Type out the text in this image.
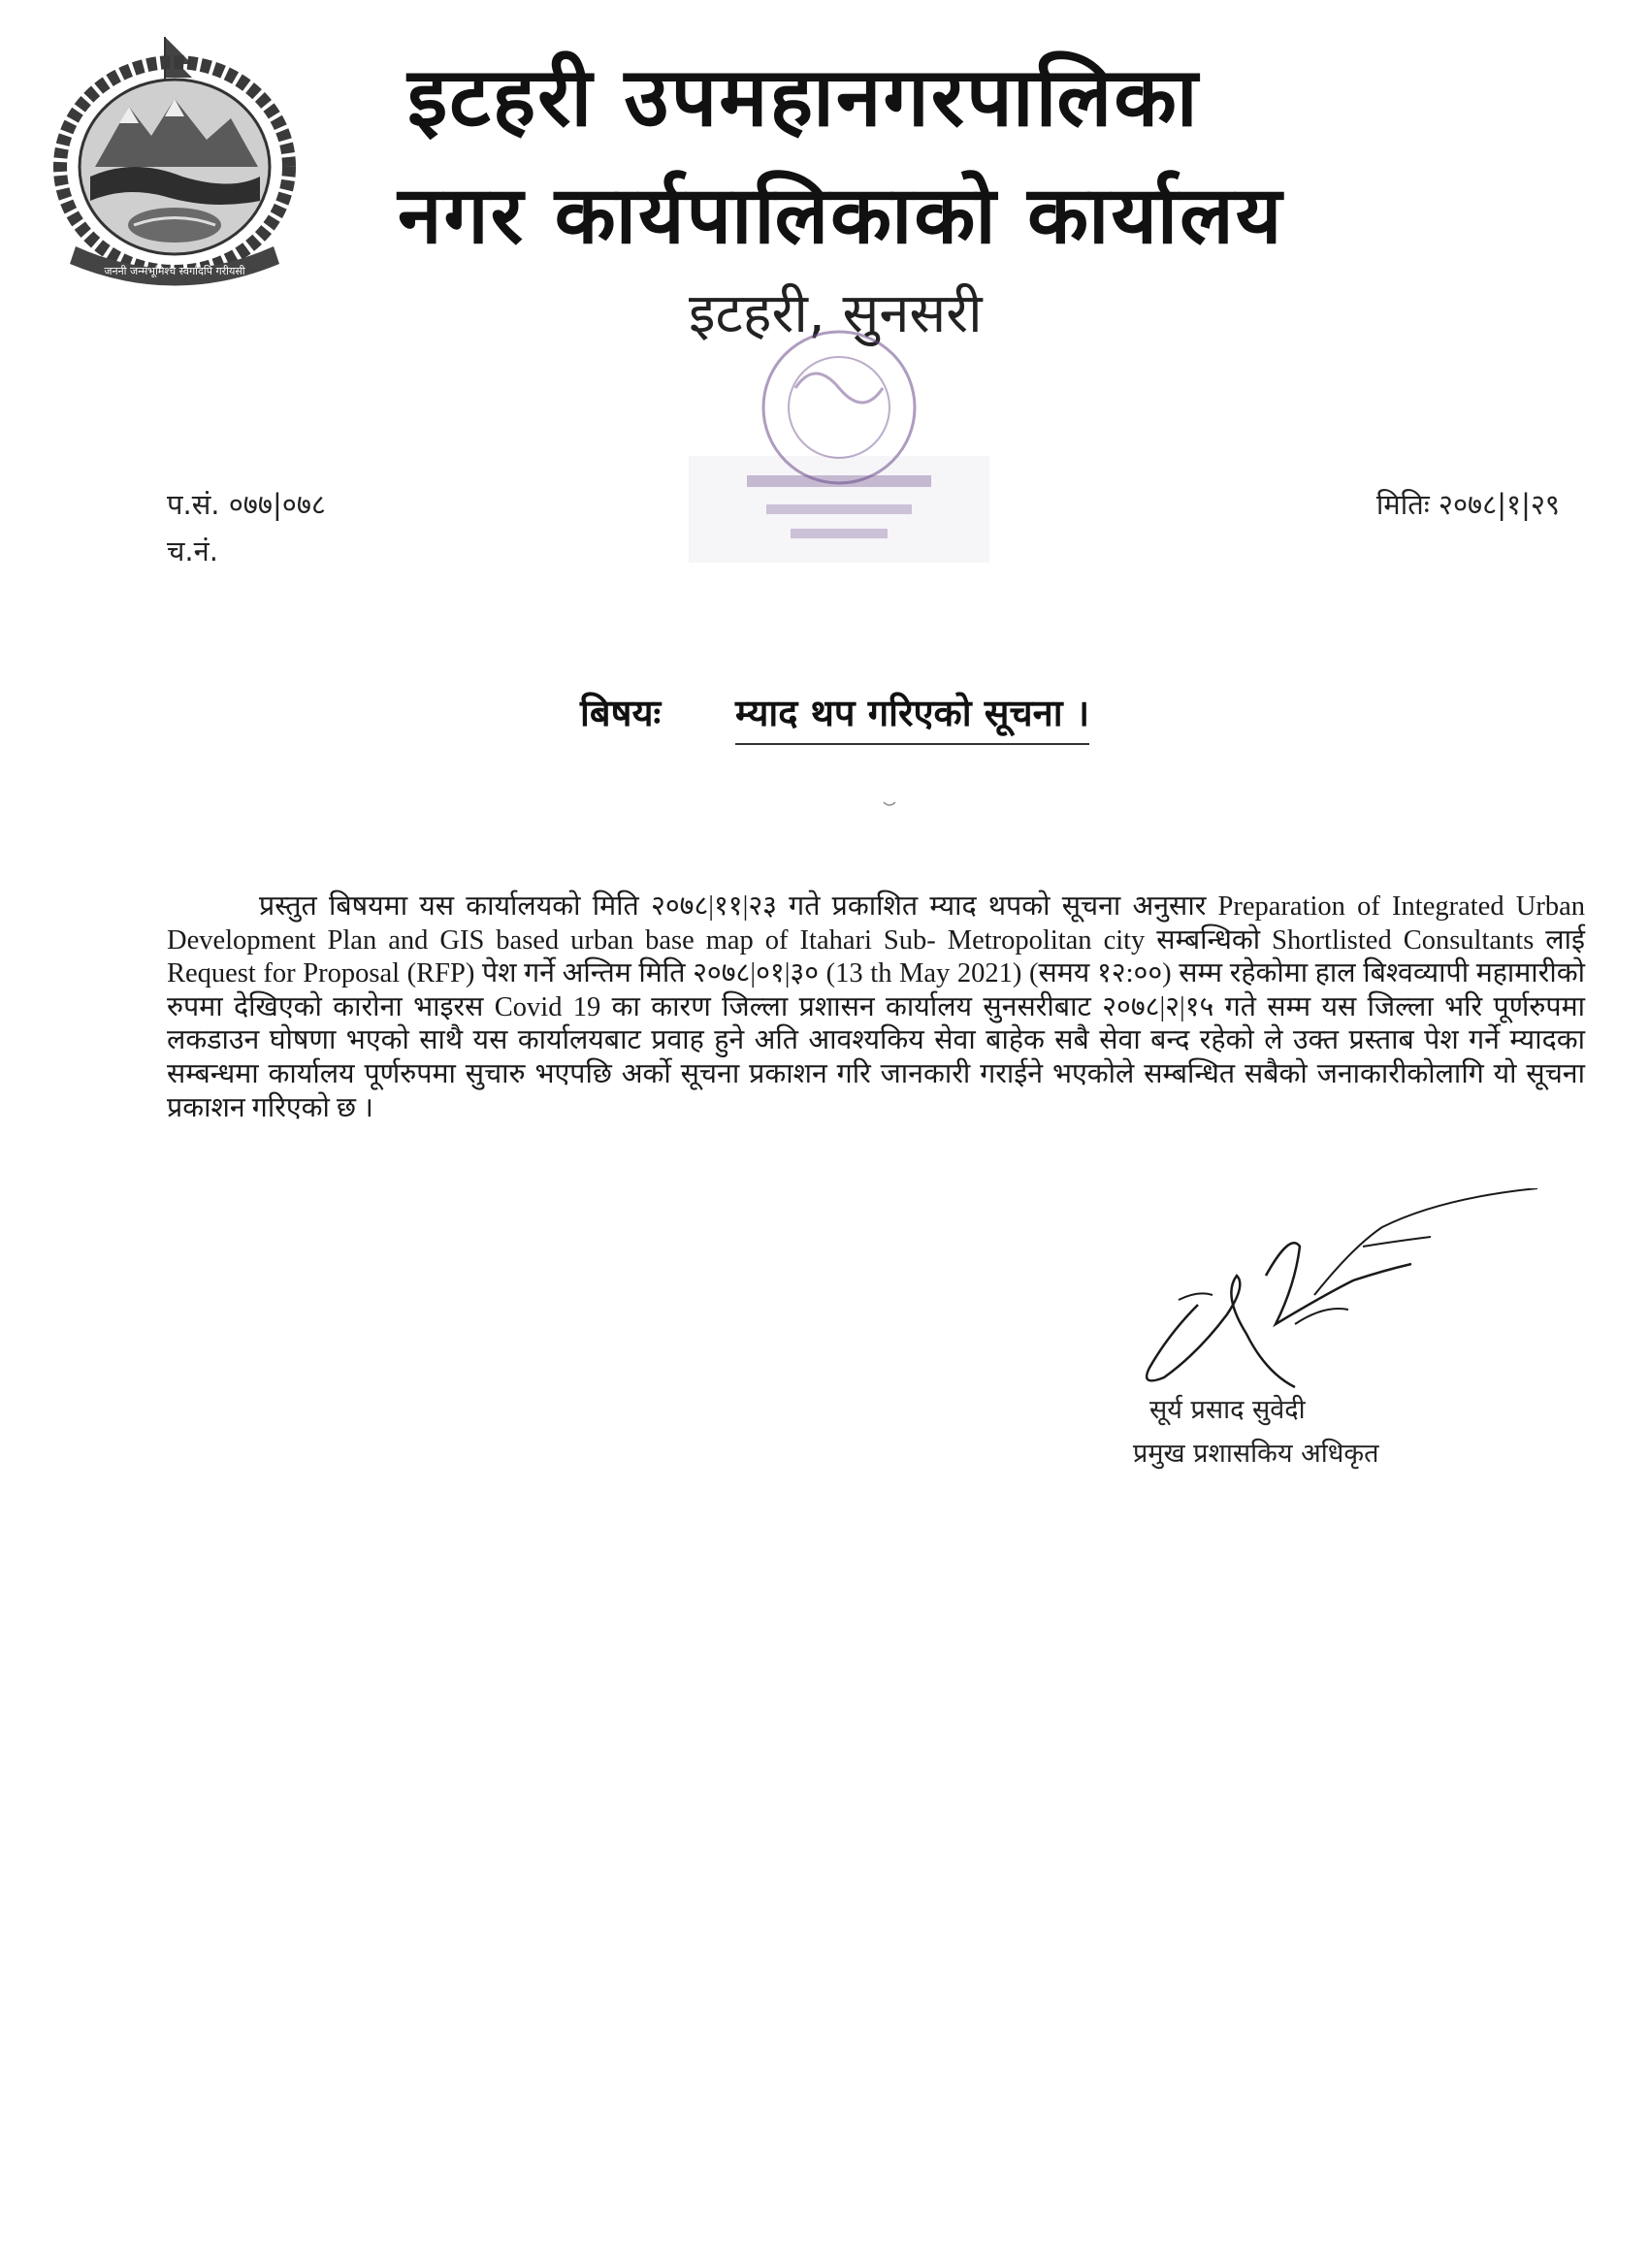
जननी जन्मभूमिश्च स्वर्गादपि गरीयसी
इटहरी उपमहानगरपालिका
नगर कार्यपालिकाको कार्यालय
इटहरी, सुनसरी
प.सं. ०७७|०७८
च.नं.
मितिः २०७८|१|२९
बिषयः म्याद थप गरिएको सूचना ।
प्रस्तुत बिषयमा यस कार्यालयको मिति २०७८|११|२३ गते प्रकाशित म्याद थपको सूचना अनुसार Preparation of Integrated Urban Development Plan and GIS based urban base map of Itahari Sub- Metropolitan city सम्बन्धिको Shortlisted Consultants लाई Request for Proposal (RFP) पेश गर्ने अन्तिम मिति २०७८|०१|३० (13 th May 2021) (समय १२:००) सम्म रहेकोमा हाल बिश्वव्यापी महामारीको रुपमा देखिएको कारोना भाइरस Covid 19 का कारण जिल्ला प्रशासन कार्यालय सुनसरीबाट २०७८|२|१५ गते सम्म यस जिल्ला भरि पूर्णरुपमा लकडाउन घोषणा भएको साथै यस कार्यालयबाट प्रवाह हुने अति आवश्यकिय सेवा बाहेक सबै सेवा बन्द रहेको ले उक्त प्रस्ताब पेश गर्ने म्यादका सम्बन्धमा कार्यालय पूर्णरुपमा सुचारु भएपछि अर्को सूचना प्रकाशन गरि जानकारी गराईने भएकोले सम्बन्धित सबैको जनाकारीकोलागि यो सूचना प्रकाशन गरिएको छ ।
सूर्य प्रसाद सुवेदी
प्रमुख प्रशासकिय अधिकृत
